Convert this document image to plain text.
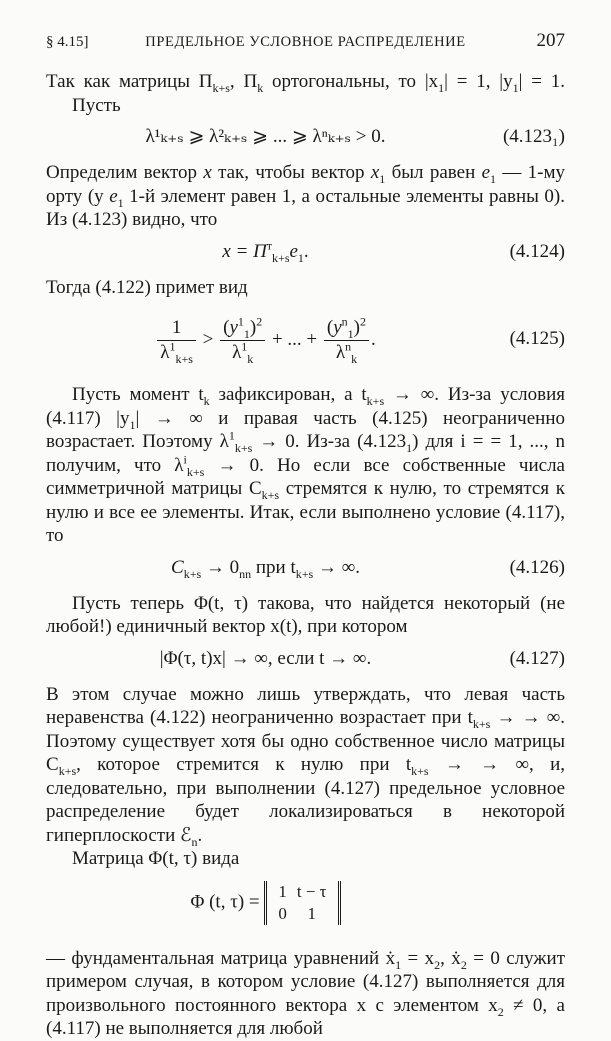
§ 4.15]	ПРЕДЕЛЬНОЕ УСЛОВНОЕ РАСПРЕДЕЛЕНИЕ	207

Так как матрицы $\Pi_{k+s}$, $\Pi_k$ ортогональны, то $|x_1| = 1$, $|y_1| = 1$.

Пусть

λ¹ₖ₊ₛ ⩾ λ²ₖ₊ₛ ⩾ ... ⩾ λⁿₖ₊ₛ > 0.	(4.123₁)

Определим вектор x так, чтобы вектор $x_1$ был равен $e_1$ — 1-му орту (у $e_1$ 1-й элемент равен 1, а остальные элементы равны 0). Из (4.123) видно, что

$x = \Pi^т_{k+s}e_1$.	(4.124)

Тогда (4.122) примет вид

$\frac{1}{\lambda^1_{k+s}} > \frac{(y^1_1)^2}{\lambda^1_k}$ + ... + $\frac{(y^n_1)^2}{\lambda^n_k}$ .	(4.125)

Пусть момент $t_k$ зафиксирован, а $t_{k+s}$ → ∞. Из-за условия (4.117) $|y_1|$ → ∞ и правая часть (4.125) неограниченно возрастает. Поэтому $\lambda^1_{k+s} \to 0$. Из-за $(4.123_1)$ для i = = 1, ..., n получим, что $\lambda^i_{k+s} \to 0$. Но если все собственные числа симметричной матрицы $C_{k+s}$ стремятся к нулю, то стремятся к нулю и все ее элементы. Итак, если выполнено условие (4.117), то

$C_{k+s} \to 0_{nn}$ при $t_{k+s}$ → ∞.	(4.126)

Пусть теперь Φ(t, τ) такова, что найдется некоторый (не любой!) единичный вектор x(t), при котором

|Φ(τ, t)x| → ∞, если t → ∞.	(4.127)

В этом случае можно лишь утверждать, что левая часть неравенства (4.122) неограниченно возрастает при $t_{k+s}$ → → ∞. Поэтому существует хотя бы одно собственное число матрицы $C_{k+s}$, которое стремится к нулю при $t_{k+s}$ → → ∞, и, следовательно, при выполнении (4.127) предельное условное распределение будет локализироваться в некоторой гиперплоскости ℰ$_n$.

Матрица Φ(t, τ) вида

Φ (t, τ) = 1	t − τ
0	1

— фундаментальная матрица уравнений ẋ$_1$ = $x_2$, ẋ$_2$ = 0 служит примером случая, в котором условие (4.127) выполняется для произвольного постоянного вектора x с элементом $x_2 \ne 0$, а (4.117) не выполняется для любой
